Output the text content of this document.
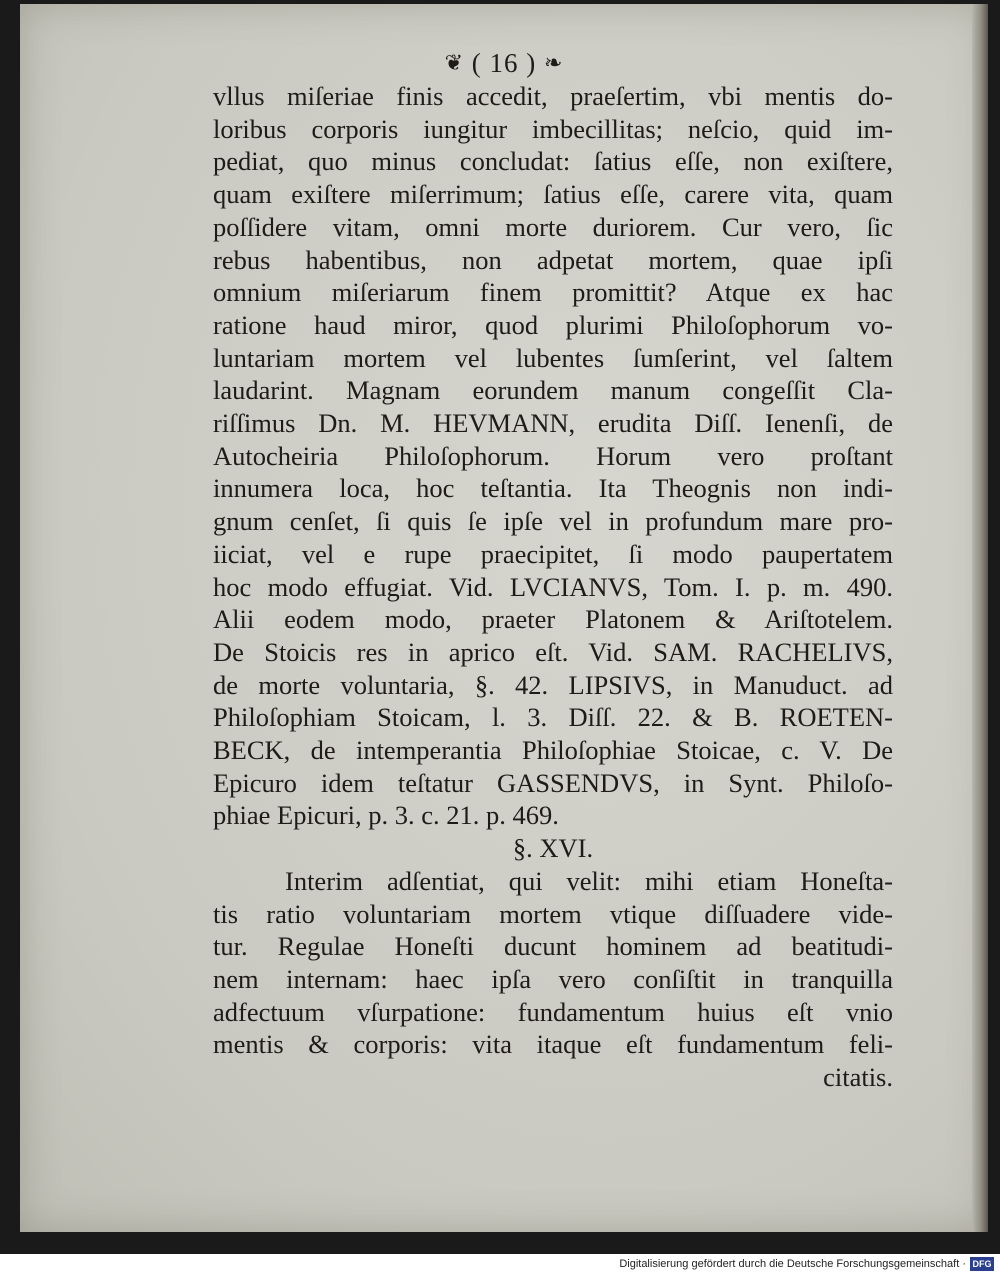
❦ ( 16 ) ❧
vllus miſeriae finis accedit, praeſertim, vbi mentis do-
loribus corporis iungitur imbecillitas; neſcio, quid im-
pediat, quo minus concludat: ſatius eſſe, non exiſtere,
quam exiſtere miſerrimum; ſatius eſſe, carere vita, quam
poſſidere vitam, omni morte duriorem. Cur vero, ſic
rebus habentibus, non adpetat mortem, quae ipſi
omnium miſeriarum finem promittit? Atque ex hac
ratione haud miror, quod plurimi Philoſophorum vo-
luntariam mortem vel lubentes ſumſerint, vel ſaltem
laudarint. Magnam eorundem manum congeſſit Cla-
riſſimus Dn. M. HEVMANN, erudita Diſſ. Ienenſi, de
Autocheiria Philoſophorum. Horum vero proſtant
innumera loca, hoc teſtantia. Ita Theognis non indi-
gnum cenſet, ſi quis ſe ipſe vel in profundum mare pro-
iiciat, vel e rupe praecipitet, ſi modo paupertatem
hoc modo effugiat. Vid. LVCIANVS, Tom. I. p. m. 490.
Alii eodem modo, praeter Platonem & Ariſtotelem.
De Stoicis res in aprico eſt. Vid. SAM. RACHELIVS,
de morte voluntaria, §. 42. LIPSIVS, in Manuduct. ad
Philoſophiam Stoicam, l. 3. Diſſ. 22. & B. ROETEN-
BECK, de intemperantia Philoſophiae Stoicae, c. V. De
Epicuro idem teſtatur GASSENDVS, in Synt. Philoſo-
phiae Epicuri, p. 3. c. 21. p. 469.
§. XVI.
Interim adſentiat, qui velit: mihi etiam Honeſta-
tis ratio voluntariam mortem vtique diſſuadere vide-
tur. Regulae Honeſti ducunt hominem ad beatitudi-
nem internam: haec ipſa vero conſiſtit in tranquilla
adfectuum vſurpatione: fundamentum huius eſt vnio
mentis & corporis: vita itaque eſt fundamentum feli-
citatis.
Digitalisierung gefördert durch die Deutsche Forschungsgemeinschaft · DFG
